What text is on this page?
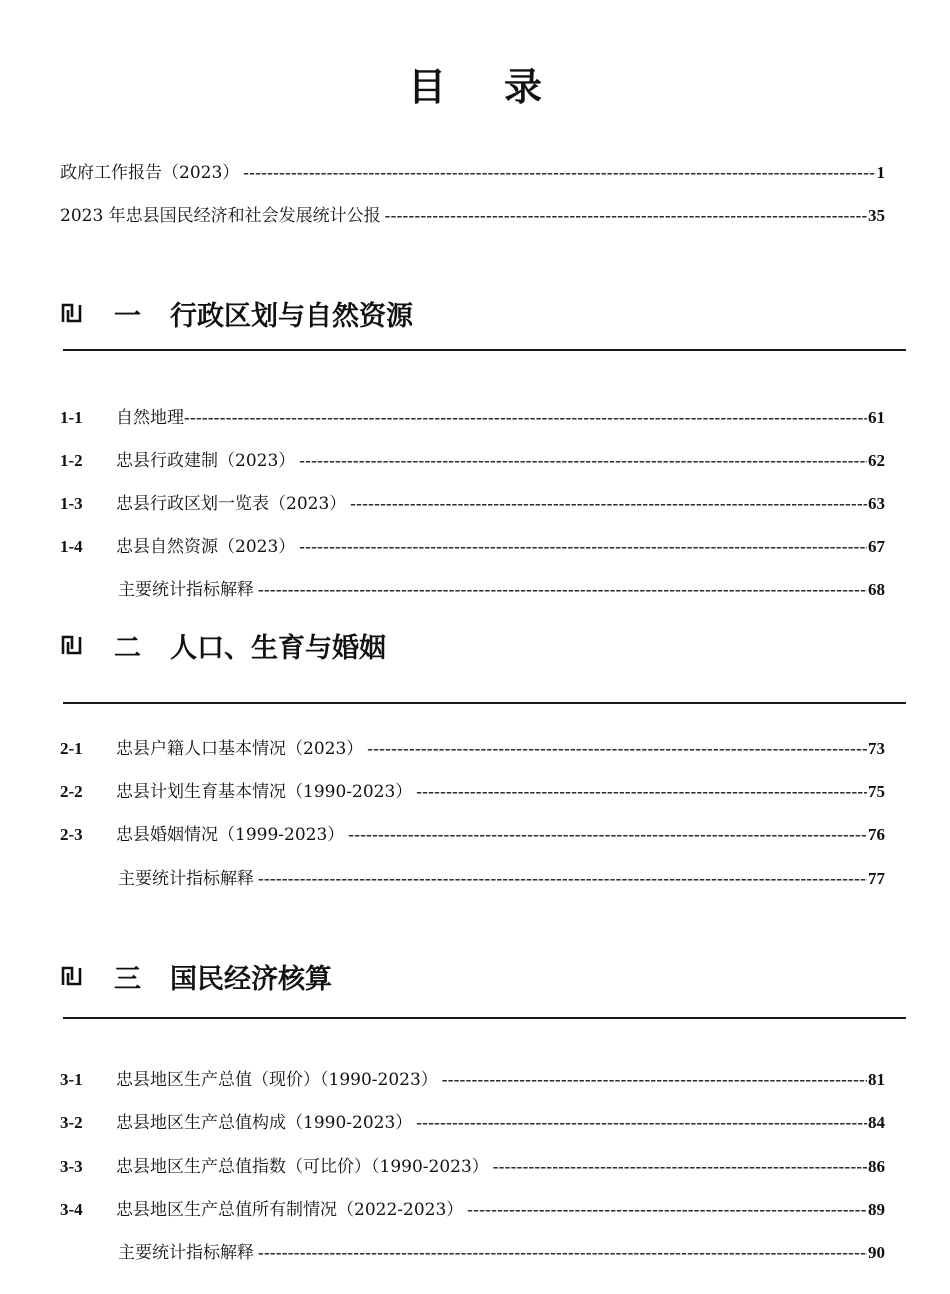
目 录
政府工作报告（2023） -----	1
2023 年忠县国民经济和社会发展统计公报 -----	35
一	行政区划与自然资源
1-1	自然地理 -----	61
1-2	忠县行政建制（2023） -----	62
1-3	忠县行政区划一览表（2023） -----	63
1-4	忠县自然资源（2023） -----	67
主要统计指标解释 -----	68
二	人口、生育与婚姻
2-1	忠县户籍人口基本情况（2023） -----	73
2-2	忠县计划生育基本情况（1990-2023） -----	75
2-3	忠县婚姻情况（1999-2023） -----	76
主要统计指标解释 -----	77
三	国民经济核算
3-1	忠县地区生产总值（现价）（1990-2023） -----	81
3-2	忠县地区生产总值构成（1990-2023） -----	84
3-3	忠县地区生产总值指数（可比价）（1990-2023） -----	86
3-4	忠县地区生产总值所有制情况（2022-2023） -----	89
主要统计指标解释 -----	90
